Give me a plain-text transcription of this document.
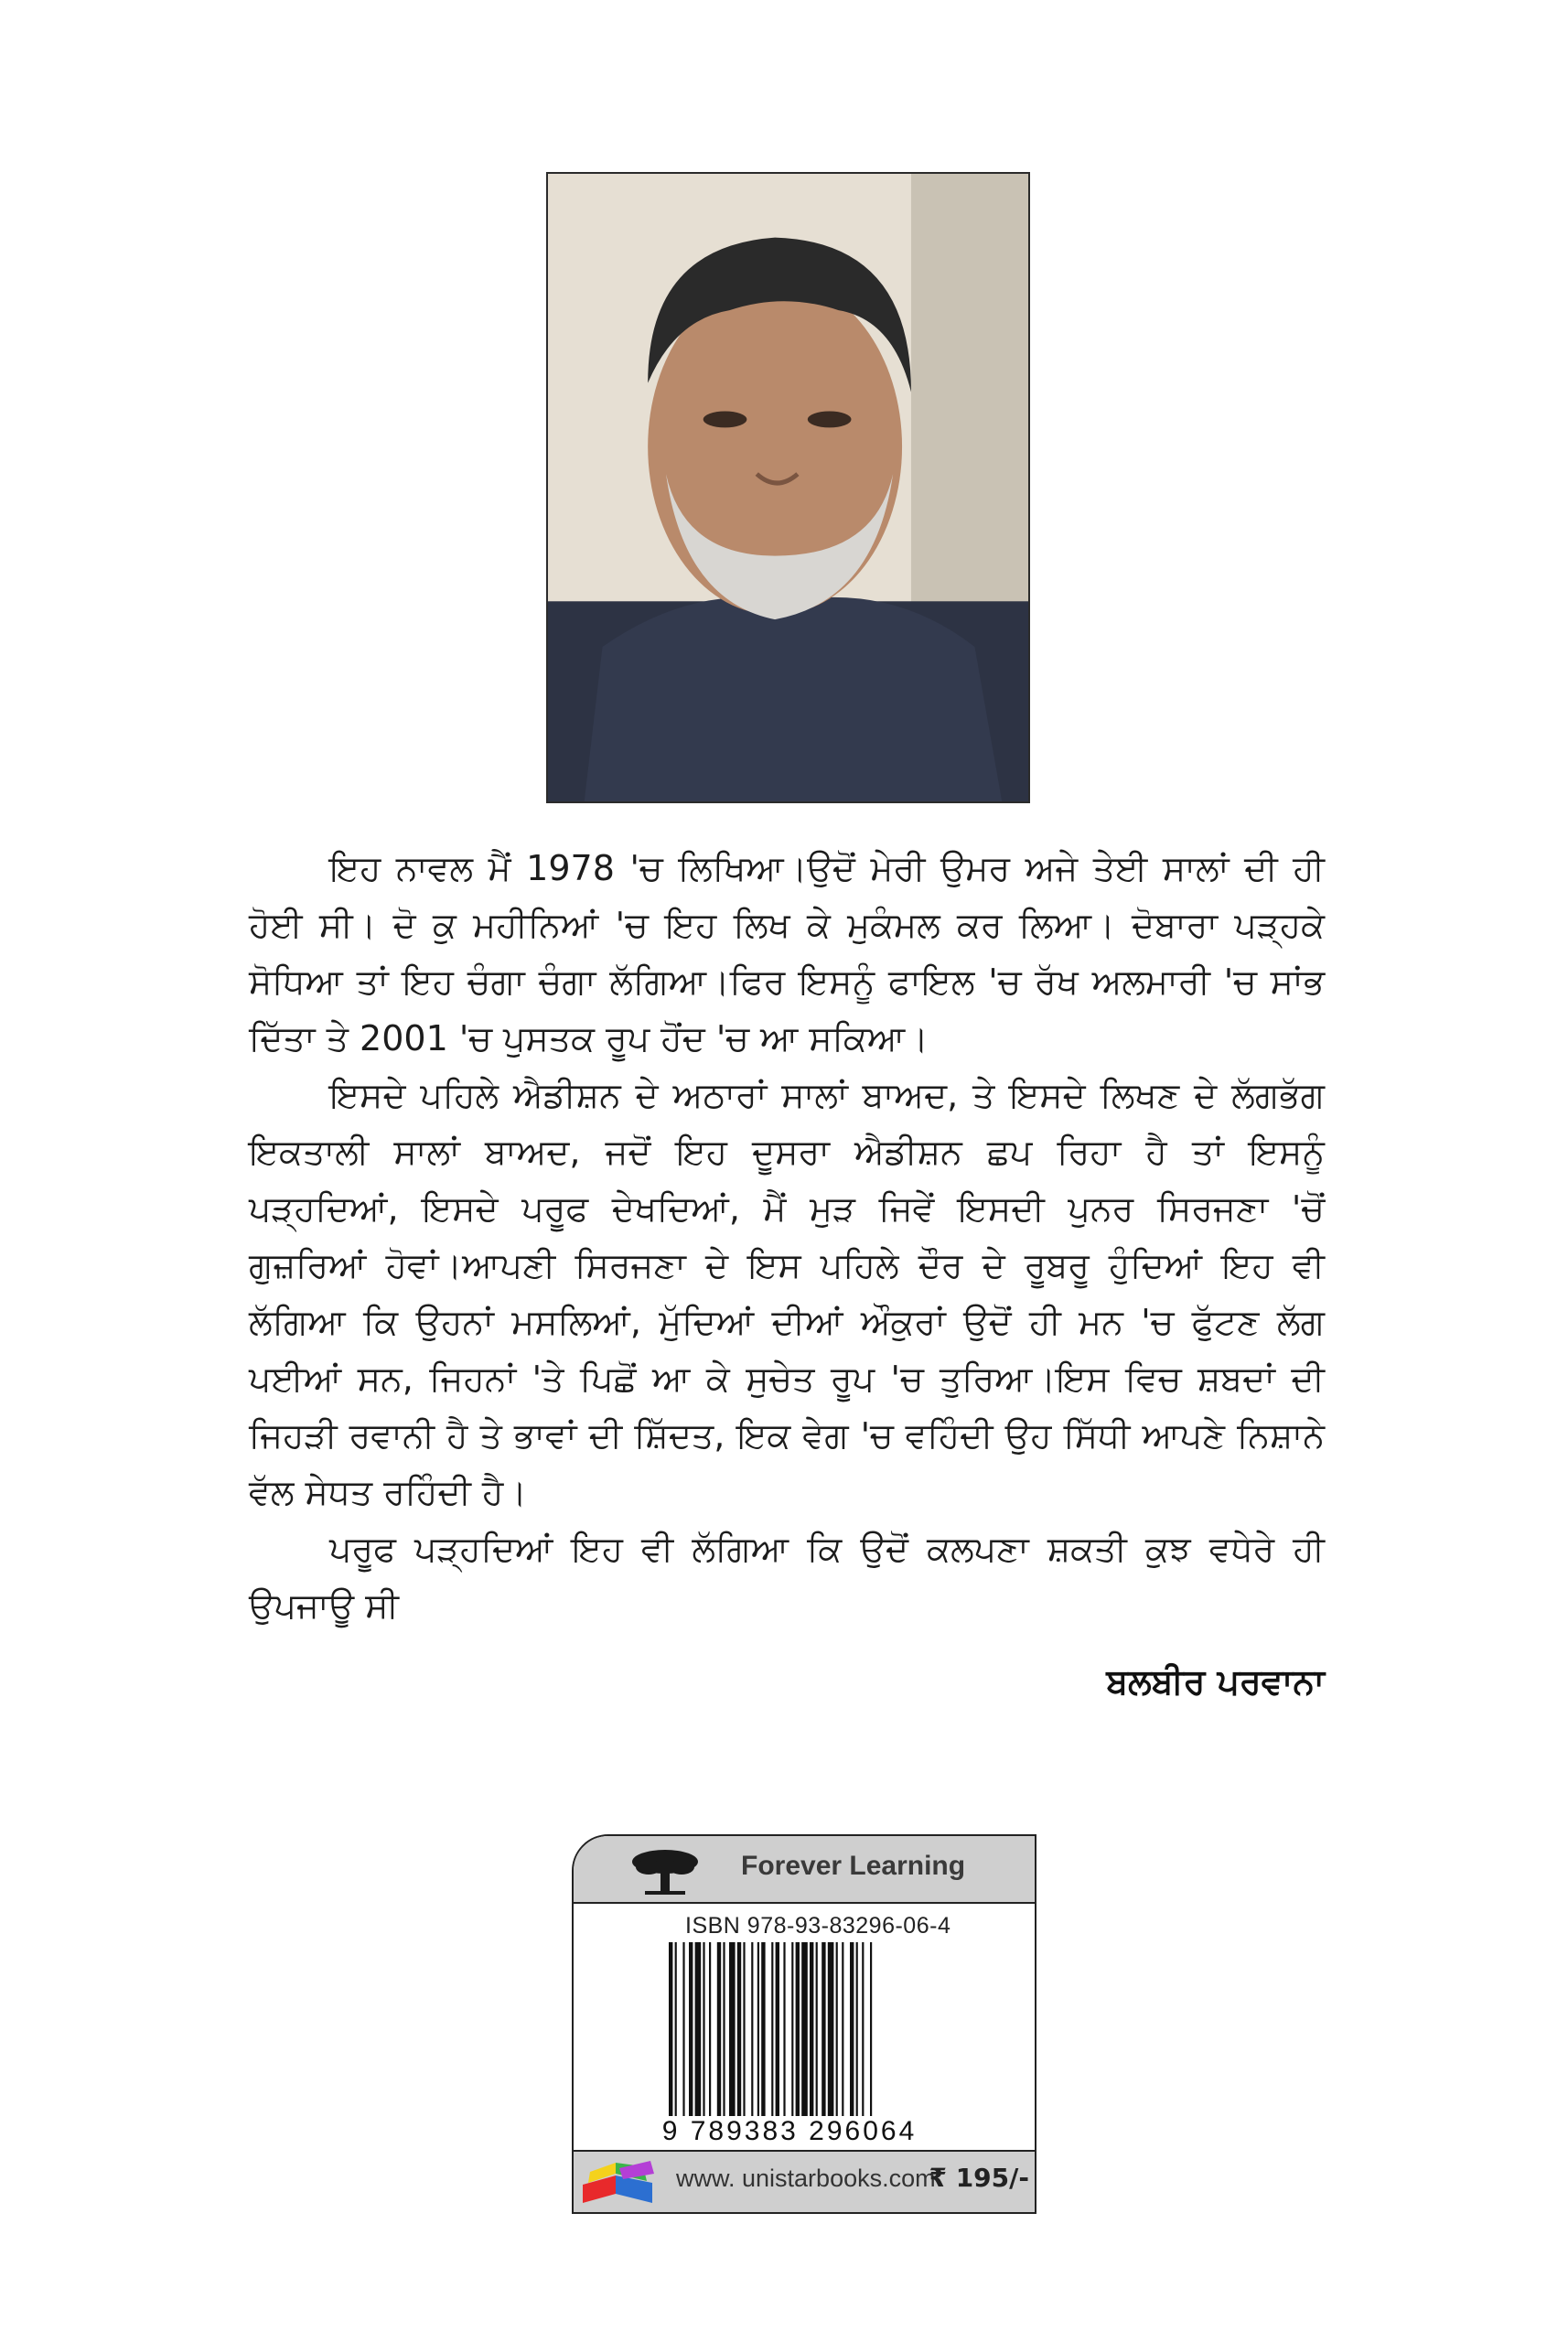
ਇਹ ਨਾਵਲ ਮੈਂ 1978 'ਚ ਲਿਖਿਆ।ਉਦੋਂ ਮੇਰੀ ਉਮਰ ਅਜੇ ਤੇਈ ਸਾਲਾਂ ਦੀ ਹੀ ਹੋਈ ਸੀ। ਦੋ ਕੁ ਮਹੀਨਿਆਂ 'ਚ ਇਹ ਲਿਖ ਕੇ ਮੁਕੰਮਲ ਕਰ ਲਿਆ। ਦੋਬਾਰਾ ਪੜ੍ਹਕੇ ਸੋਧਿਆ ਤਾਂ ਇਹ ਚੰਗਾ ਚੰਗਾ ਲੱਗਿਆ।ਫਿਰ ਇਸਨੂੰ ਫਾਇਲ 'ਚ ਰੱਖ ਅਲਮਾਰੀ 'ਚ ਸਾਂਭ ਦਿੱਤਾ ਤੇ 2001 'ਚ ਪੁਸਤਕ ਰੂਪ ਹੋਂਦ 'ਚ ਆ ਸਕਿਆ।

ਇਸਦੇ ਪਹਿਲੇ ਐਡੀਸ਼ਨ ਦੇ ਅਠਾਰਾਂ ਸਾਲਾਂ ਬਾਅਦ, ਤੇ ਇਸਦੇ ਲਿਖਣ ਦੇ ਲੱਗਭੱਗ ਇਕਤਾਲੀ ਸਾਲਾਂ ਬਾਅਦ, ਜਦੋਂ ਇਹ ਦੂਸਰਾ ਐਡੀਸ਼ਨ ਛਪ ਰਿਹਾ ਹੈ ਤਾਂ ਇਸਨੂੰ ਪੜ੍ਹਦਿਆਂ, ਇਸਦੇ ਪਰੂਫ ਦੇਖਦਿਆਂ, ਮੈਂ ਮੁੜ ਜਿਵੇਂ ਇਸਦੀ ਪੁਨਰ ਸਿਰਜਣਾ 'ਚੋਂ ਗੁਜ਼ਰਿਆਂ ਹੋਵਾਂ।ਆਪਣੀ ਸਿਰਜਣਾ ਦੇ ਇਸ ਪਹਿਲੇ ਦੌਰ ਦੇ ਰੂਬਰੂ ਹੁੰਦਿਆਂ ਇਹ ਵੀ ਲੱਗਿਆ ਕਿ ਉਹਨਾਂ ਮਸਲਿਆਂ, ਮੁੱਦਿਆਂ ਦੀਆਂ ਔਕੁਰਾਂ ਉਦੋਂ ਹੀ ਮਨ 'ਚ ਫੁੱਟਣ ਲੱਗ ਪਈਆਂ ਸਨ, ਜਿਹਨਾਂ 'ਤੇ ਪਿਛੋਂ ਆ ਕੇ ਸੁਚੇਤ ਰੂਪ 'ਚ ਤੁਰਿਆ।ਇਸ ਵਿਚ ਸ਼ਬਦਾਂ ਦੀ ਜਿਹੜੀ ਰਵਾਨੀ ਹੈ ਤੇ ਭਾਵਾਂ ਦੀ ਸ਼ਿੱਦਤ, ਇਕ ਵੇਗ 'ਚ ਵਹਿੰਦੀ ਉਹ ਸਿੱਧੀ ਆਪਣੇ ਨਿਸ਼ਾਨੇ ਵੱਲ ਸੇਧਤ ਰਹਿੰਦੀ ਹੈ।

ਪਰੂਫ ਪੜ੍ਹਦਿਆਂ ਇਹ ਵੀ ਲੱਗਿਆ ਕਿ ਉਦੋਂ ਕਲਪਣਾ ਸ਼ਕਤੀ ਕੁਝ ਵਧੇਰੇ ਹੀ ਉਪਜਾਊ ਸੀ

ਬਲਬੀਰ ਪਰਵਾਨਾ
Forever Learning
ISBN 978-93-83296-06-4
9 789383 296064
www. unistarbooks.com
₹ 195/-
